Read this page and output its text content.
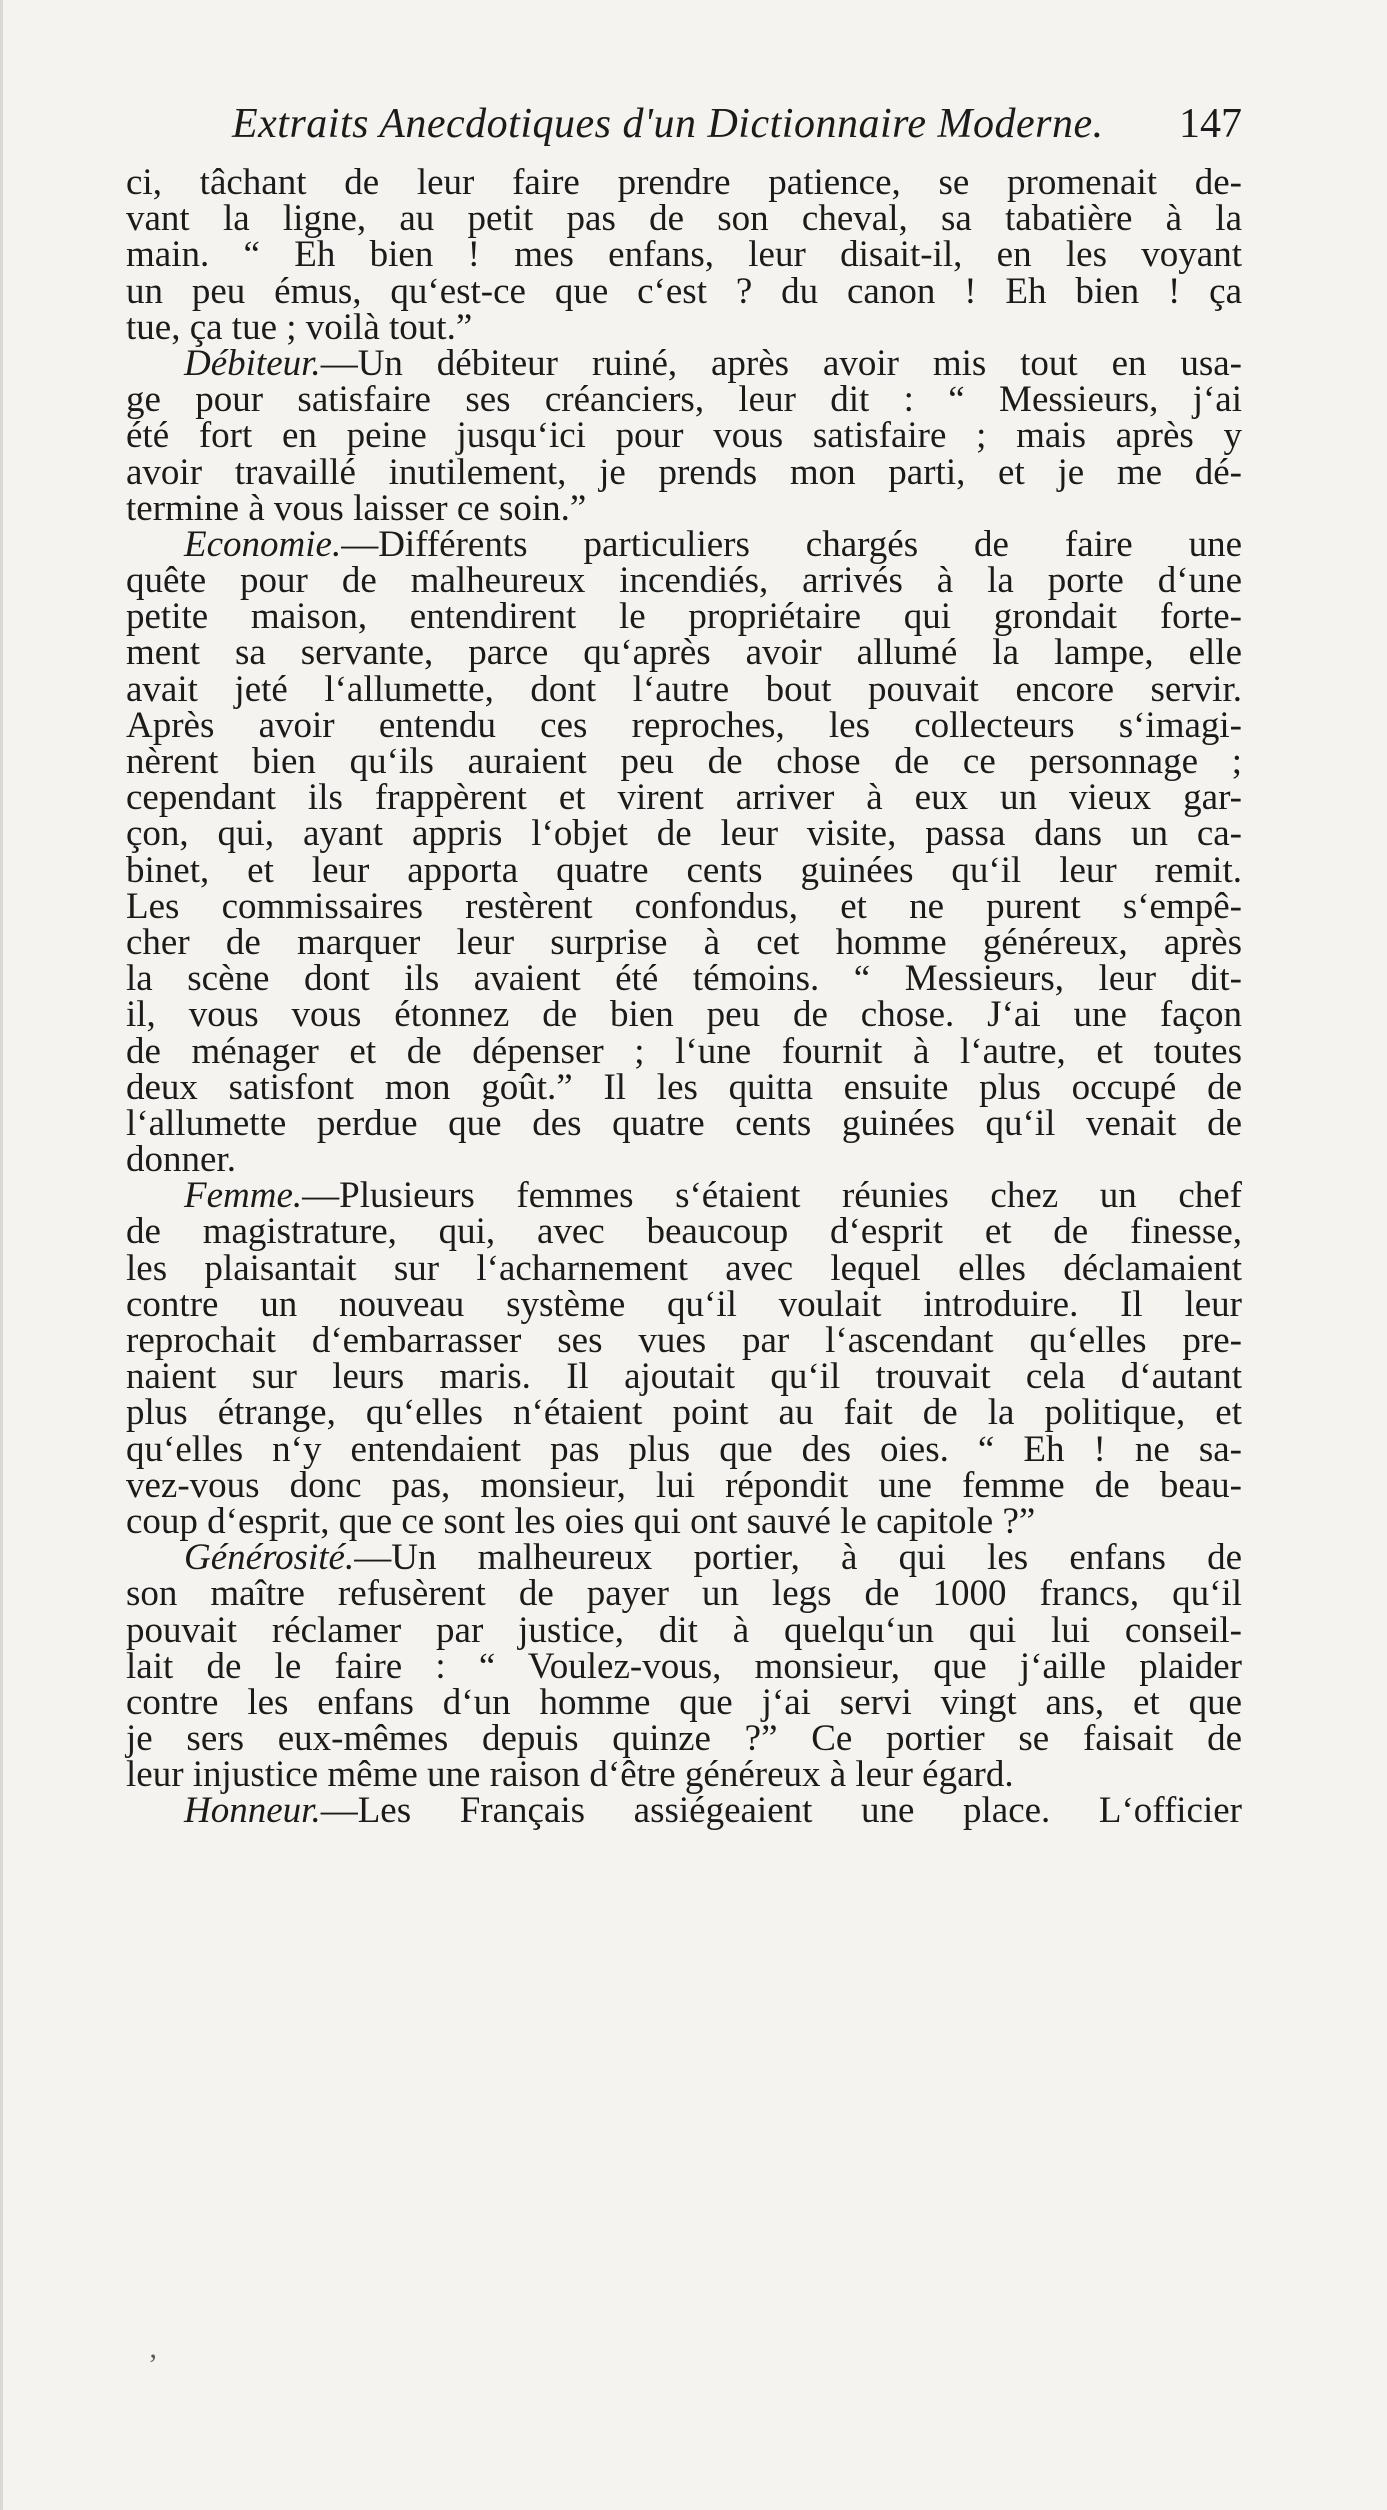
Extraits Anecdotiques d'un Dictionnaire Moderne. 147
ci, tâchant de leur faire prendre patience, se promenait de-
vant la ligne, au petit pas de son cheval, sa tabatière à la
main. “ Eh bien ! mes enfans, leur disait-il, en les voyant
un peu émus, qu‘est-ce que c‘est ? du canon ! Eh bien ! ça
tue, ça tue ; voilà tout.”
Débiteur.—Un débiteur ruiné, après avoir mis tout en usa-
ge pour satisfaire ses créanciers, leur dit : “ Messieurs, j‘ai
été fort en peine jusqu‘ici pour vous satisfaire ; mais après y
avoir travaillé inutilement, je prends mon parti, et je me dé-
termine à vous laisser ce soin.”
Economie.—Différents particuliers chargés de faire une
quête pour de malheureux incendiés, arrivés à la porte d‘une
petite maison, entendirent le propriétaire qui grondait forte-
ment sa servante, parce qu‘après avoir allumé la lampe, elle
avait jeté l‘allumette, dont l‘autre bout pouvait encore servir.
Après avoir entendu ces reproches, les collecteurs s‘imagi-
nèrent bien qu‘ils auraient peu de chose de ce personnage ;
cependant ils frappèrent et virent arriver à eux un vieux gar-
çon, qui, ayant appris l‘objet de leur visite, passa dans un ca-
binet, et leur apporta quatre cents guinées qu‘il leur remit.
Les commissaires restèrent confondus, et ne purent s‘empê-
cher de marquer leur surprise à cet homme généreux, après
la scène dont ils avaient été témoins. “ Messieurs, leur dit-
il, vous vous étonnez de bien peu de chose. J‘ai une façon
de ménager et de dépenser ; l‘une fournit à l‘autre, et toutes
deux satisfont mon goût.” Il les quitta ensuite plus occupé de
l‘allumette perdue que des quatre cents guinées qu‘il venait de
donner.
Femme.—Plusieurs femmes s‘étaient réunies chez un chef
de magistrature, qui, avec beaucoup d‘esprit et de finesse,
les plaisantait sur l‘acharnement avec lequel elles déclamaient
contre un nouveau système qu‘il voulait introduire. Il leur
reprochait d‘embarrasser ses vues par l‘ascendant qu‘elles pre-
naient sur leurs maris. Il ajoutait qu‘il trouvait cela d‘autant
plus étrange, qu‘elles n‘étaient point au fait de la politique, et
qu‘elles n‘y entendaient pas plus que des oies. “ Eh ! ne sa-
vez-vous donc pas, monsieur, lui répondit une femme de beau-
coup d‘esprit, que ce sont les oies qui ont sauvé le capitole ?”
Générosité.—Un malheureux portier, à qui les enfans de
son maître refusèrent de payer un legs de 1000 francs, qu‘il
pouvait réclamer par justice, dit à quelqu‘un qui lui conseil-
lait de le faire : “ Voulez-vous, monsieur, que j‘aille plaider
contre les enfans d‘un homme que j‘ai servi vingt ans, et que
je sers eux-mêmes depuis quinze ?” Ce portier se faisait de
leur injustice même une raison d‘être généreux à leur égard.
Honneur.—Les Français assiégeaient une place. L‘officier
’
